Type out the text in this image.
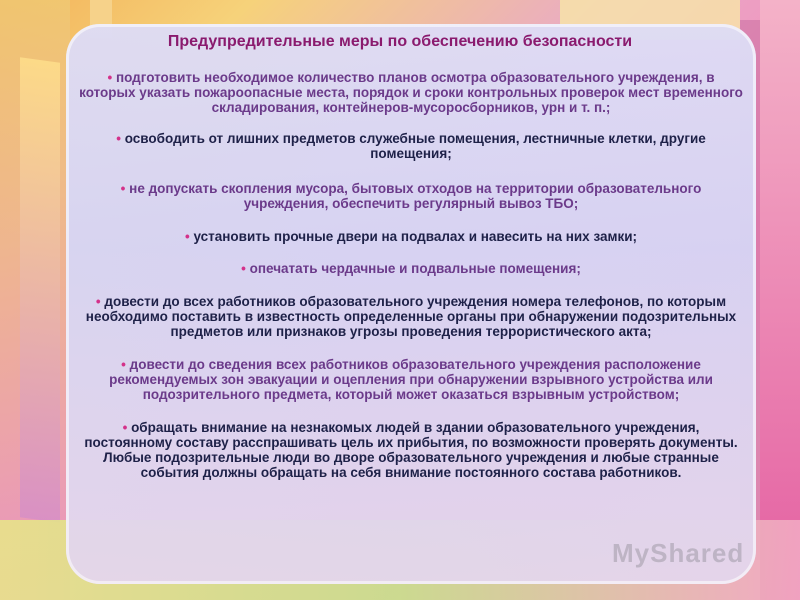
Предупредительные меры по обеспечению безопасности

• подготовить необходимое количество планов осмотра образовательного учреждения, в которых указать пожароопасные места, порядок и сроки контрольных проверок мест временного складирования, контейнеров-мусоросборников, урн и т. п.;

• освободить от лишних предметов служебные помещения, лестничные клетки, другие помещения;

• не допускать скопления мусора, бытовых отходов на территории образовательного учреждения, обеспечить регулярный вывоз ТБО;

• установить прочные двери на подвалах и навесить на них замки;

• опечатать чердачные и подвальные помещения;

• довести до всех работников образовательного учреждения номера телефонов, по которым необходимо поставить в известность определенные органы при обнаружении подозрительных предметов или признаков угрозы проведения террористического акта;

• довести до сведения всех работников образовательного учреждения расположение рекомендуемых зон эвакуации и оцепления при обнаружении взрывного устройства или подозрительного предмета, который может оказаться взрывным устройством;

• обращать внимание на незнакомых людей в здании образовательного учреждения, постоянному составу расспрашивать цель их прибытия, по возможности проверять документы. Любые подозрительные люди во дворе образовательного учреждения и любые странные события должны обращать на себя внимание постоянного состава работников.

MyShared
